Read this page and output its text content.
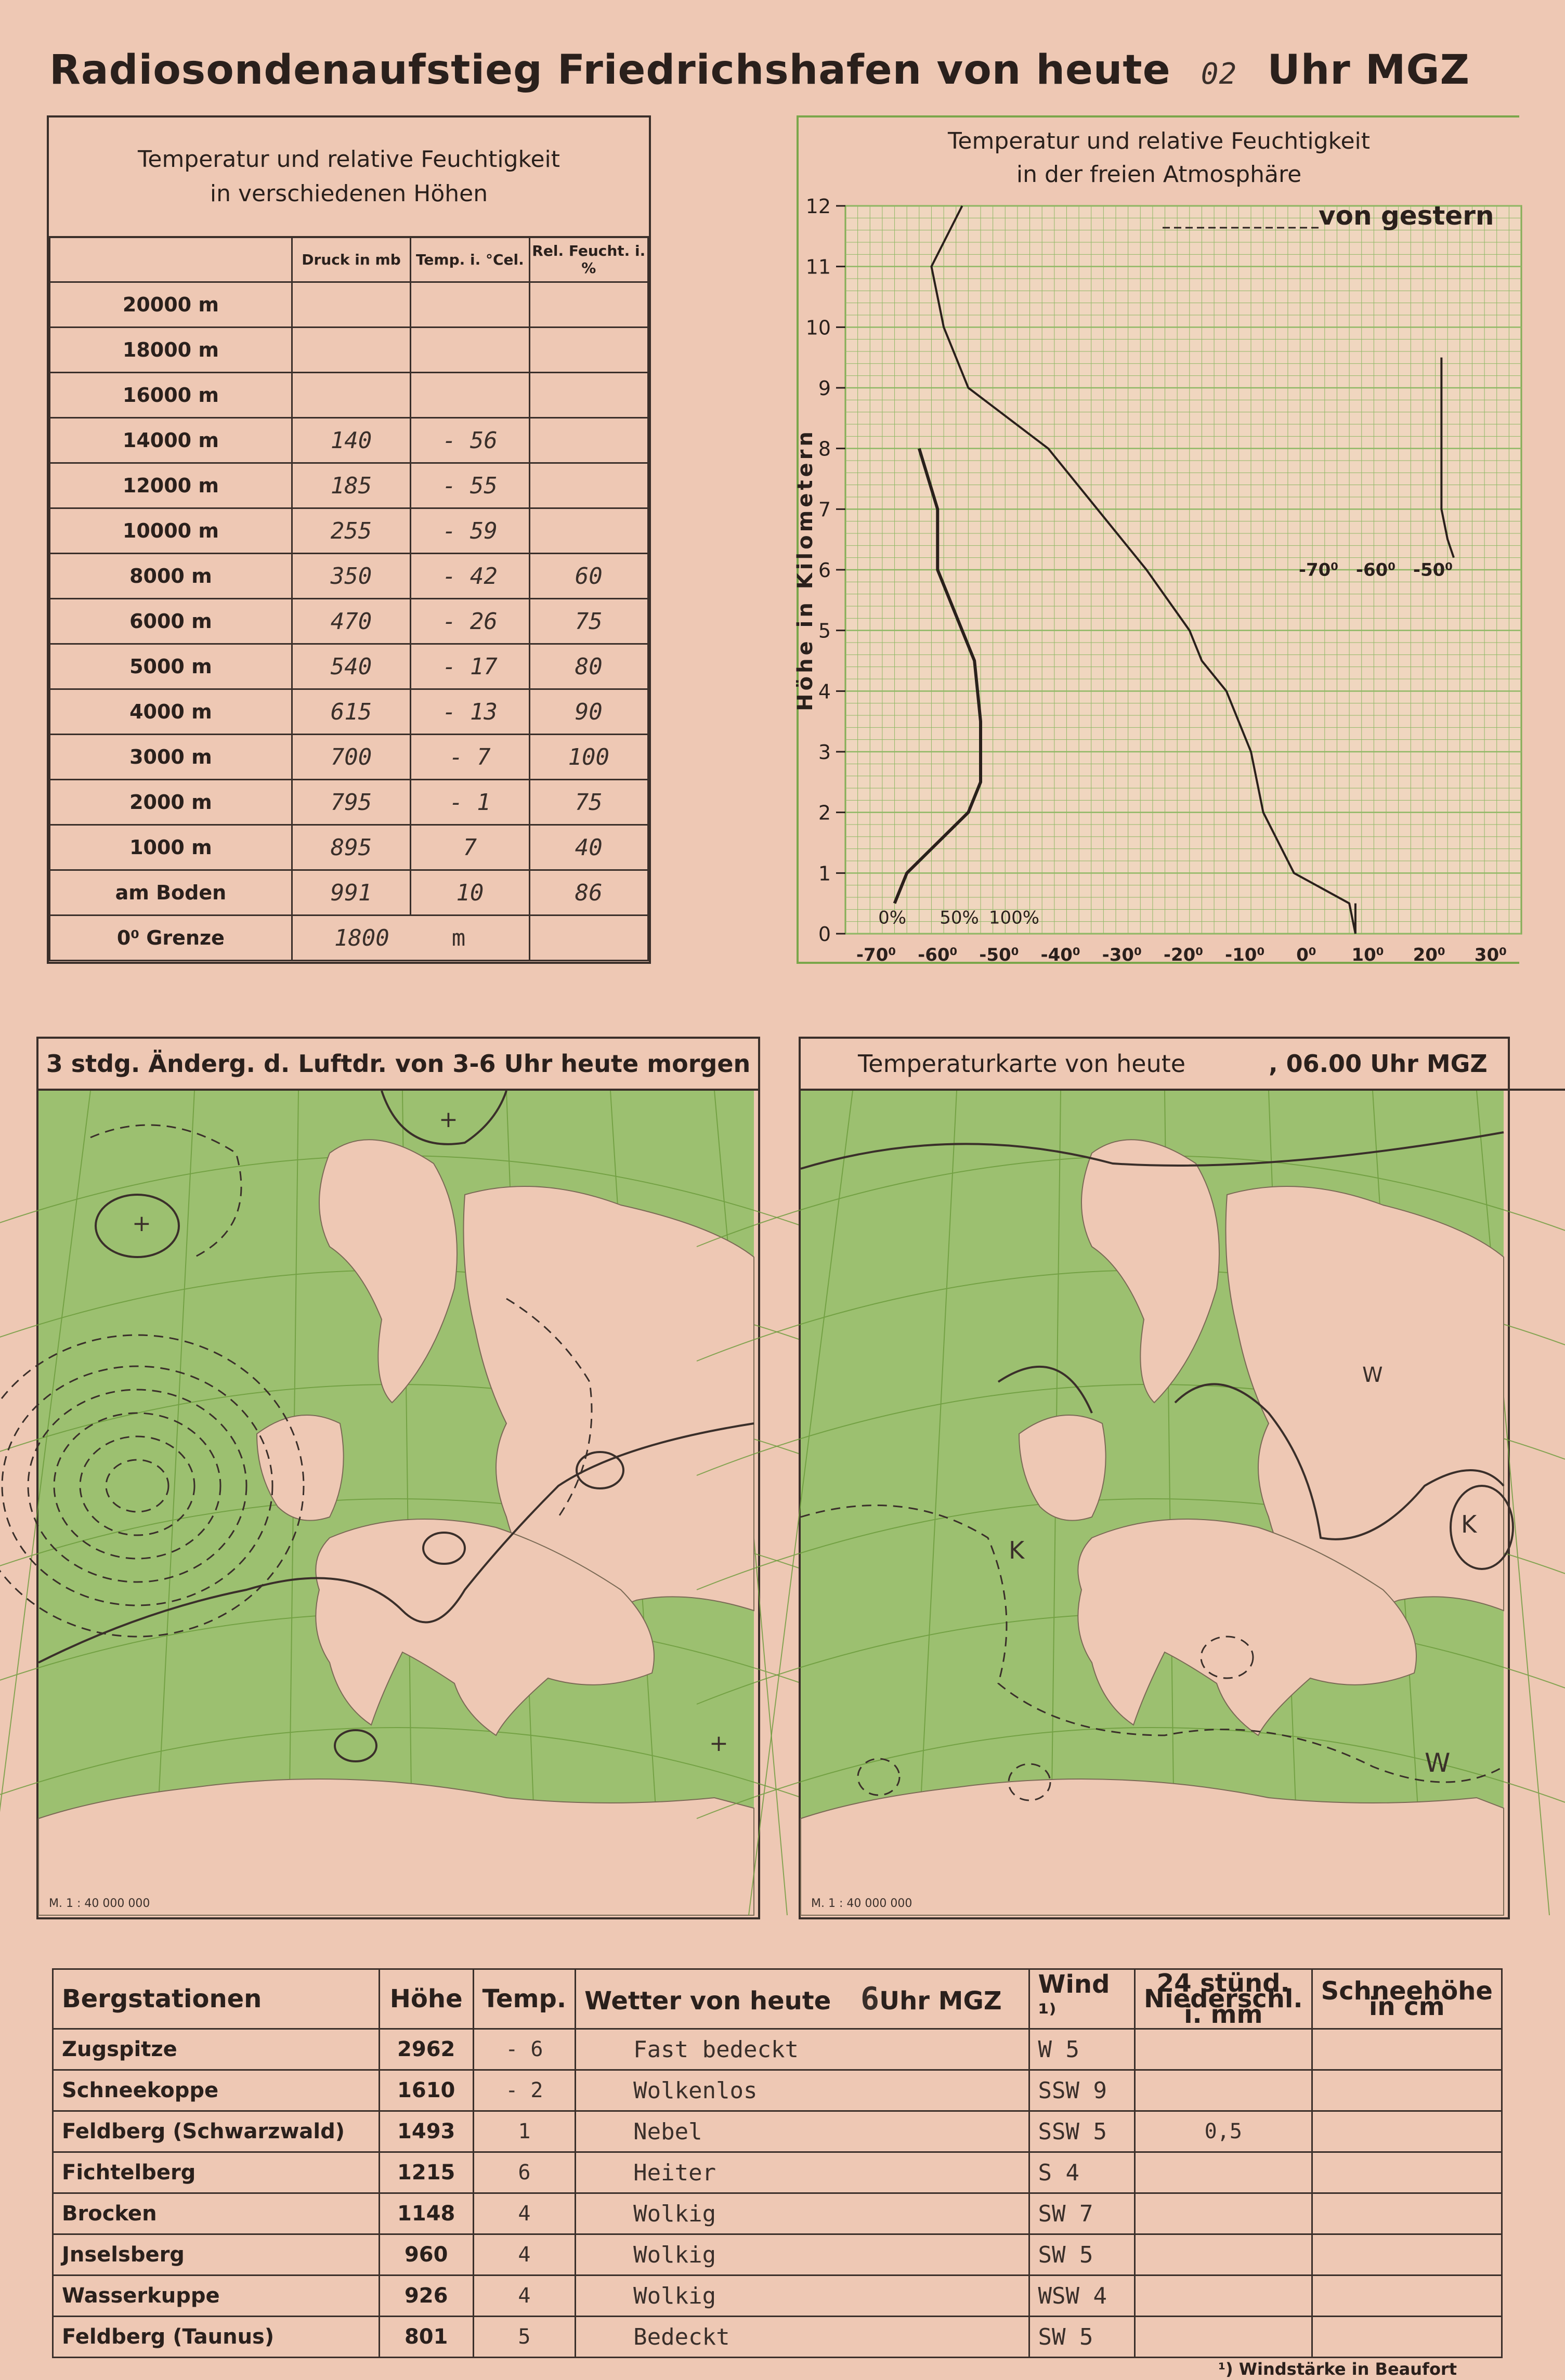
Radiosondenaufstieg Friedrichshafen von heute 02 Uhr MGZ
Temperatur und relative Feuchtigkeit
in verschiedenen Höhen
	Druck in mb	Temp. i. °Cel.	Rel. Feucht. i. %
20000 m			
18000 m			
16000 m			
14000 m	140	- 56	
12000 m	185	- 55	
10000 m	255	- 59	
8000 m	350	- 42	60
6000 m	470	- 26	75
5000 m	540	- 17	80
4000 m	615	- 13	90
3000 m	700	- 7	100
2000 m	795	- 1	75
1000 m	895	7	40
am Boden	991	10	86
0⁰ Grenze	1800 m		
Temperatur und relative Feuchtigkeit
in der freien Atmosphäre
0
1
2
3
4
5
6
7
8
9
10
11
12
-70⁰ -60⁰ -50⁰ -40⁰ -30⁰ -20⁰ -10⁰ 0⁰ 10⁰ 20⁰ 30⁰
Höhe in Kilometern
von gestern
0% 50% 100%
-70⁰ -60⁰ -50⁰
3 stdg. Änderg. d. Luftdr. von 3-6 Uhr heute morgen
+
+
+
M. 1 : 40 000 000
Temperaturkarte von heute	, 06.00 Uhr MGZ
K
K
W
W
M. 1 : 40 000 000
Bergstationen	Höhe	Temp.	Wetter von heute 6Uhr MGZ	Wind ¹⁾	24 stünd. Niederschl. i. mm	Schneehöhe in cm
Zugspitze	2962	- 6	Fast bedeckt	W 5		
Schneekoppe	1610	- 2	Wolkenlos	SSW 9		
Feldberg (Schwarzwald)	1493	1	Nebel	SSW 5	0,5	
Fichtelberg	1215	6	Heiter	S 4		
Brocken	1148	4	Wolkig	SW 7		
Jnselsberg	960	4	Wolkig	SW 5		
Wasserkuppe	926	4	Wolkig	WSW 4		
Feldberg (Taunus)	801	5	Bedeckt	SW 5		
¹) Windstärke in Beaufort
